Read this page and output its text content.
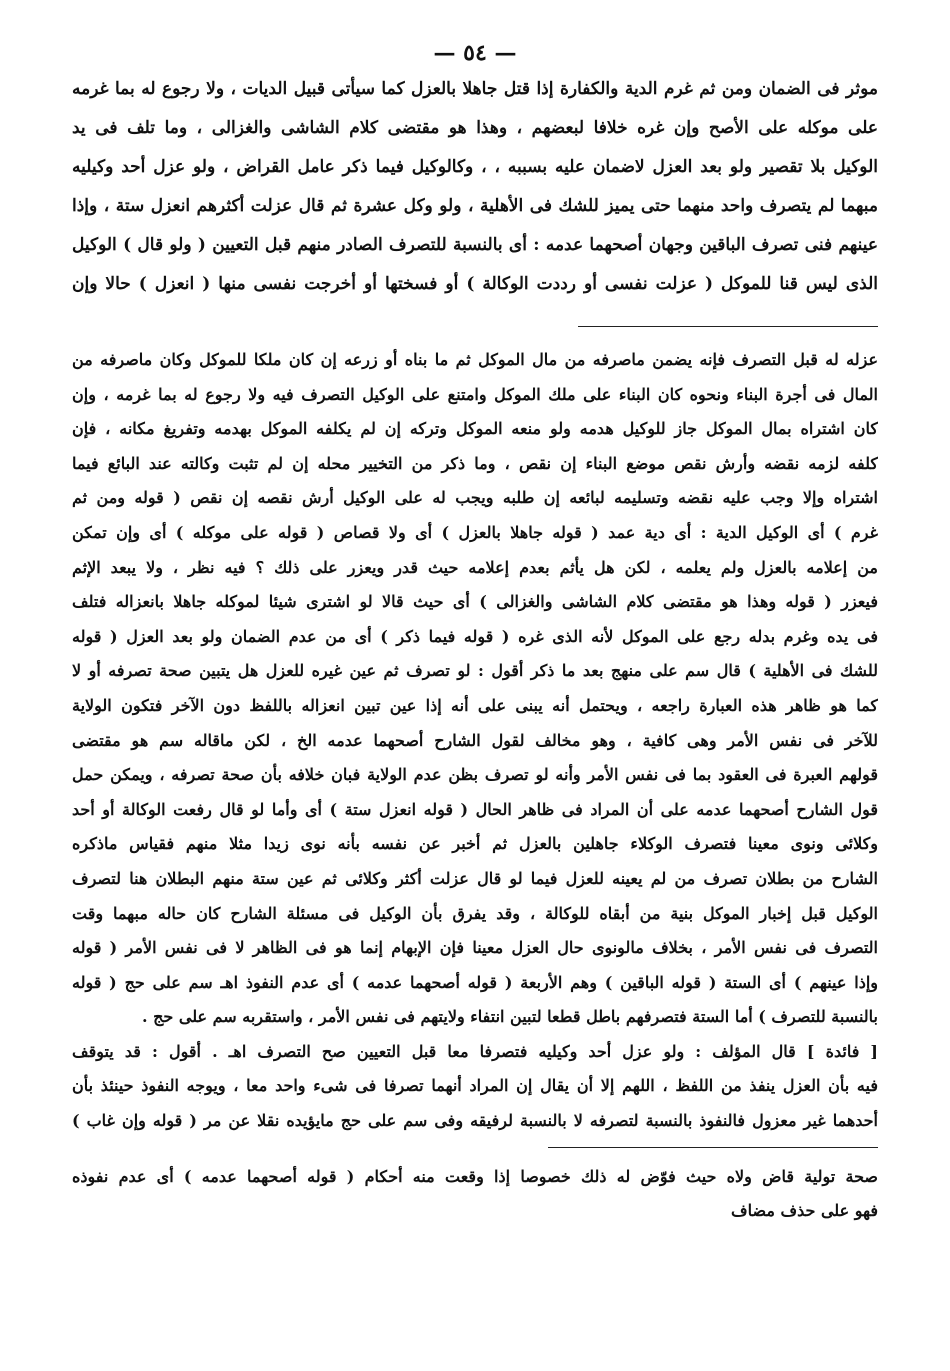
— ٥٤ —
موثر فى الضمان ومن ثم غرم الدية والكفارة إذا قتل جاهلا بالعزل كما سيأتى قبيل الديات ، ولا رجوع له بما غرمه
على موكله على الأصح وإن غره خلافا لبعضهم ، وهذا هو مقتضى كلام الشاشى والغزالى ، وما تلف فى يد
الوكيل بلا تقصير ولو بعد العزل لاضمان عليه بسببه ، ، وكالوكيل فيما ذكر عامل القراض ، ولو عزل أحد وكيليه
مبهما لم يتصرف واحد منهما حتى يميز للشك فى الأهلية ، ولو وكل عشرة ثم قال عزلت أكثرهم انعزل ستة ، وإذا
عينهم فنى تصرف الباقين وجهان أصحهما عدمه : أى بالنسبة للتصرف الصادر منهم قبل التعيين ( ولو قال ) الوكيل
الذى ليس قنا للموكل ( عزلت نفسى أو رددت الوكالة ) أو فسختها أو أخرجت نفسى منها ( انعزل ) حالا وإن
عزله له قبل التصرف فإنه يضمن ماصرفه من مال الموكل ثم ما بناه أو زرعه إن كان ملكا للموكل وكان ماصرفه من
المال فى أجرة البناء ونحوه كان البناء على ملك الموكل وامتنع على الوكيل التصرف فيه ولا رجوع له بما غرمه ، وإن
كان اشتراه بمال الموكل جاز للوكيل هدمه ولو منعه الموكل وتركه إن لم يكلفه الموكل بهدمه وتفريغ مكانه ، فإن
كلفه لزمه نقضه وأرش نقص موضع البناء إن نقص ، وما ذكر من التخيير محله إن لم تثبت وكالته عند البائع فيما
اشتراه وإلا وجب عليه نقضه وتسليمه لبائعه إن طلبه ويجب له على الوكيل أرش نقصه إن نقص ( قوله ومن ثم
غرم ) أى الوكيل الدية : أى دية عمد ( قوله جاهلا بالعزل ) أى ولا قصاص ( قوله على موكله ) أى وإن تمكن
من إعلامه بالعزل ولم يعلمه ، لكن هل يأثم بعدم إعلامه حيث قدر ويعزر على ذلك ؟ فيه نظر ، ولا يبعد الإثم
فيعزر ( قوله وهذا هو مقتضى كلام الشاشى والغزالى ) أى حيث قالا لو اشترى شيئا لموكله جاهلا بانعزاله فتلف
فى يده وغرم بدله رجع على الموكل لأنه الذى غره ( قوله فيما ذكر ) أى من عدم الضمان ولو بعد العزل ( قوله
للشك فى الأهلية ) قال سم على منهج بعد ما ذكر أقول : لو تصرف ثم عين غيره للعزل هل يتبين صحة تصرفه أو لا
كما هو ظاهر هذه العبارة راجعه ، ويحتمل أنه يبنى على أنه إذا عين تبين انعزاله باللفظ دون الآخر فتكون الولاية
للآخر فى نفس الأمر وهى كافية ، وهو مخالف لقول الشارح أصحهما عدمه الخ ، لكن ماقاله سم هو مقتضى
قولهم العبرة فى العقود بما فى نفس الأمر وأنه لو تصرف بظن عدم الولاية فبان خلافه بأن صحة تصرفه ، ويمكن حمل
قول الشارح أصحهما عدمه على أن المراد فى ظاهر الحال ( قوله انعزل ستة ) أى وأما لو قال رفعت الوكالة أو أحد
وكلائى ونوى معينا فتصرف الوكلاء جاهلين بالعزل ثم أخبر عن نفسه بأنه نوى زيدا مثلا منهم فقياس ماذكره
الشارح من بطلان تصرف من لم يعينه للعزل فيما لو قال عزلت أكثر وكلائى ثم عين ستة منهم البطلان هنا لتصرف
الوكيل قبل إخبار الموكل بنية من أبقاه للوكالة ، وقد يفرق بأن الوكيل فى مسئلة الشارح كان حاله مبهما وقت
التصرف فى نفس الأمر ، بخلاف مالونوى حال العزل معينا فإن الإبهام إنما هو فى الظاهر لا فى نفس الأمر ( قوله
وإذا عينهم ) أى الستة ( قوله الباقين ) وهم الأربعة ( قوله أصحهما عدمه ) أى عدم النفوذ اهـ سم على حج ( قوله
بالنسبة للتصرف ) أما الستة فتصرفهم باطل قطعا لتبين انتفاء ولايتهم فى نفس الأمر ، واستقربه سم على حج .
[ فائدة ] قال المؤلف : ولو عزل أحد وكيليه فتصرفا معا قبل التعيين صح التصرف اهـ . أقول : قد يتوقف
فيه بأن العزل ينفذ من اللفظ ، اللهم إلا أن يقال إن المراد أنهما تصرفا فى شىء واحد معا ، ويوجه النفوذ حينئذ بأن
أحدهما غير معزول فالنفوذ بالنسبة لتصرفه لا بالنسبة لرفيقه وفى سم على حج مايؤيده نقلا عن مر ( قوله وإن غاب )
صحة تولية قاض ولاه حيث فوّض له ذلك خصوصا إذا وقعت منه أحكام ( قوله أصحهما عدمه ) أى عدم نفوذه
فهو على حذف مضاف
